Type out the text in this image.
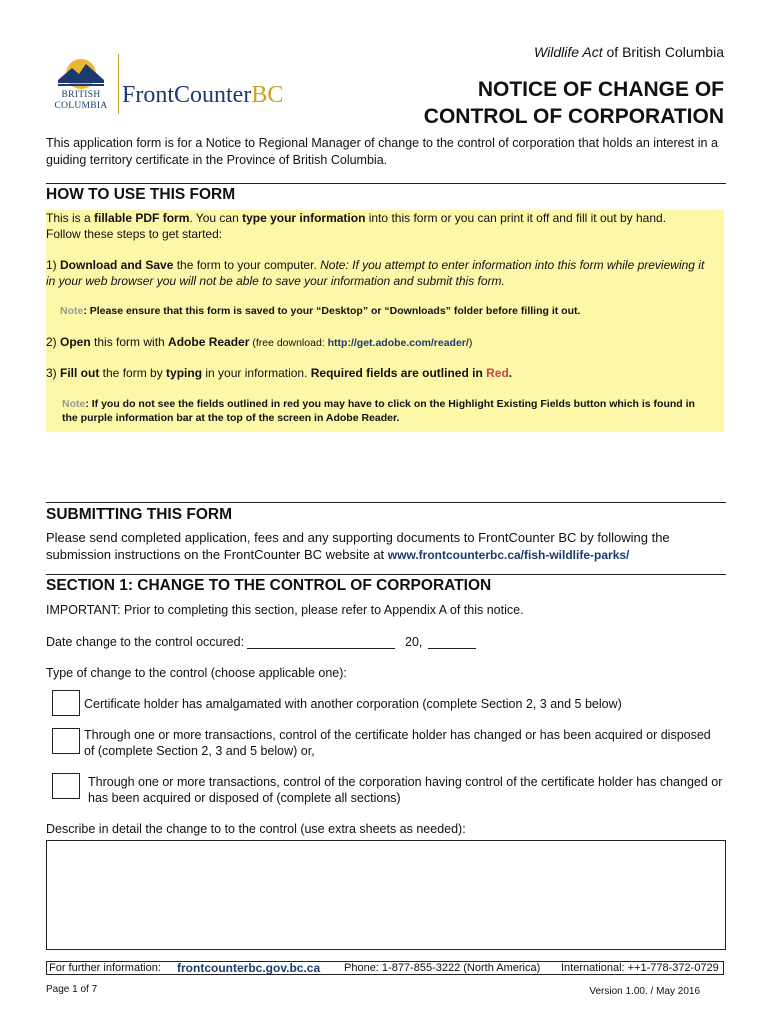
BRITISH
COLUMBIA FrontCounterBC
Wildlife Act of British Columbia
NOTICE OF CHANGE OF
CONTROL OF CORPORATION
This application form is for a Notice to Regional Manager of change to the control of corporation that holds an interest in a guiding territory certificate in the Province of British Columbia.
HOW TO USE THIS FORM
This is a fillable PDF form. You can type your information into this form or you can print it off and fill it out by hand.
Follow these steps to get started:
1) Download and Save the form to your computer. Note: If you attempt to enter information into this form while previewing it in your web browser you will not be able to save your information and submit this form.
Note: Please ensure that this form is saved to your “Desktop” or “Downloads” folder before filling it out.
2) Open this form with Adobe Reader (free download: http://get.adobe.com/reader/)
3) Fill out the form by typing in your information. Required fields are outlined in Red.
Note: If you do not see the fields outlined in red you may have to click on the Highlight Existing Fields button which is found in the purple information bar at the top of the screen in Adobe Reader.
SUBMITTING THIS FORM
Please send completed application, fees and any supporting documents to FrontCounter BC by following the submission instructions on the FrontCounter BC website at www.frontcounterbc.ca/fish-wildlife-parks/
SECTION 1: CHANGE TO THE CONTROL OF CORPORATION
IMPORTANT: Prior to completing this section, please refer to Appendix A of this notice.
Date change to the control occured:	20,
Type of change to the control (choose applicable one):
Certificate holder has amalgamated with another corporation (complete Section 2, 3 and 5 below)
Through one or more transactions, control of the certificate holder has changed or has been acquired or disposed of (complete Section 2, 3 and 5 below) or,
Through one or more transactions, control of the corporation having control of the certificate holder has changed or has been acquired or disposed of (complete all sections)
Describe in detail the change to to the control (use extra sheets as needed):
For further information: frontcounterbc.gov.bc.ca Phone: 1-877-855-3222 (North America) International: ++1-778-372-0729
Page 1 of 7	Version 1.00. / May 2016
